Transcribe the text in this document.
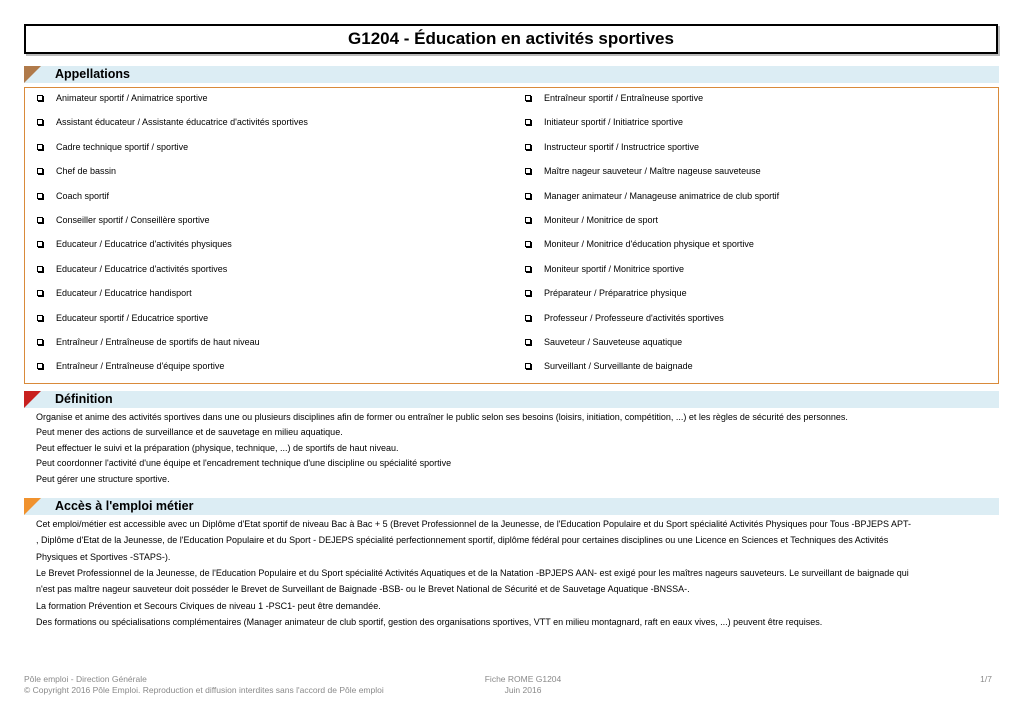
G1204 - Éducation en activités sportives
Appellations
Animateur sportif / Animatrice sportive
Assistant éducateur / Assistante éducatrice d'activités sportives
Cadre technique sportif / sportive
Chef de bassin
Coach sportif
Conseiller sportif / Conseillère sportive
Educateur / Educatrice d'activités physiques
Educateur / Educatrice d'activités sportives
Educateur / Educatrice handisport
Educateur sportif / Educatrice sportive
Entraîneur / Entraîneuse de sportifs de haut niveau
Entraîneur / Entraîneuse d'équipe sportive
Entraîneur sportif / Entraîneuse sportive
Initiateur sportif / Initiatrice sportive
Instructeur sportif / Instructrice sportive
Maître nageur sauveteur / Maître nageuse sauveteuse
Manager animateur / Manageuse animatrice de club sportif
Moniteur / Monitrice de sport
Moniteur / Monitrice d'éducation physique et sportive
Moniteur sportif / Monitrice sportive
Préparateur / Préparatrice physique
Professeur / Professeure d'activités sportives
Sauveteur / Sauveteuse aquatique
Surveillant / Surveillante de baignade
Définition
Organise et anime des activités sportives dans une ou plusieurs disciplines afin de former ou entraîner le public selon ses besoins (loisirs, initiation, compétition, ...) et les règles de sécurité des personnes.
Peut mener des actions de surveillance et de sauvetage en milieu aquatique.
Peut effectuer le suivi et la préparation (physique, technique, ...) de sportifs de haut niveau.
Peut coordonner l'activité d'une équipe et l'encadrement technique d'une discipline ou spécialité sportive
Peut gérer une structure sportive.
Accès à l'emploi métier
Cet emploi/métier est accessible avec un Diplôme d'Etat sportif de niveau Bac à Bac + 5 (Brevet Professionnel de la Jeunesse, de l'Education Populaire et du Sport spécialité Activités Physiques pour Tous -BPJEPS APT-
, Diplôme d'Etat de la Jeunesse, de l'Education Populaire et du Sport - DEJEPS spécialité perfectionnement sportif, diplôme fédéral pour certaines disciplines ou une Licence en Sciences et Techniques des Activités
Physiques et Sportives -STAPS-).
Le Brevet Professionnel de la Jeunesse, de l'Education Populaire et du Sport spécialité Activités Aquatiques et de la Natation -BPJEPS AAN- est exigé pour les maîtres nageurs sauveteurs. Le surveillant de baignade qui
n'est pas maître nageur sauveteur doit posséder le Brevet de Surveillant de Baignade -BSB- ou le Brevet National de Sécurité et de Sauvetage Aquatique -BNSSA-.
La formation Prévention et Secours Civiques de niveau 1 -PSC1- peut être demandée.
Des formations ou spécialisations complémentaires (Manager animateur de club sportif, gestion des organisations sportives, VTT en milieu montagnard, raft en eaux vives, ...) peuvent être requises.
Pôle emploi - Direction Générale
© Copyright 2016 Pôle Emploi. Reproduction et diffusion interdites sans l'accord de Pôle emploi
Fiche ROME G1204
Juin 2016
1/7
